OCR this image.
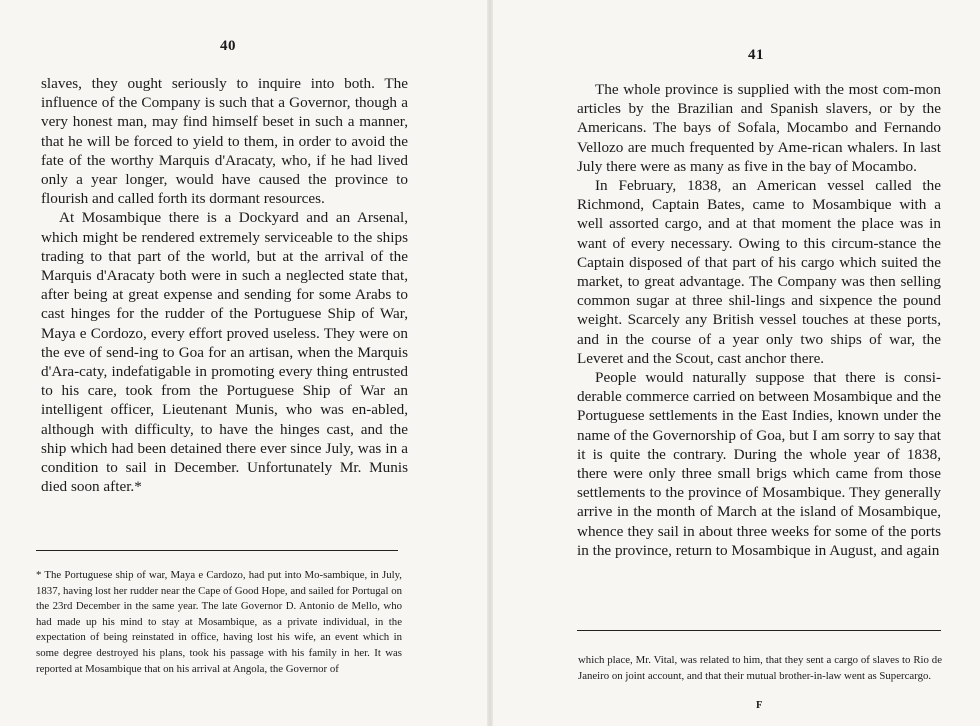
40

slaves, they ought seriously to inquire into both. The influence of the Company is such that a Governor, though a very honest man, may find himself beset in such a manner, that he will be forced to yield to them, in order to avoid the fate of the worthy Marquis d'Aracaty, who, if he had lived only a year longer, would have caused the province to flourish and called forth its dormant resources.

At Mosambique there is a Dockyard and an Arsenal, which might be rendered extremely serviceable to the ships trading to that part of the world, but at the arrival of the Marquis d'Aracaty both were in such a neglected state that, after being at great expense and sending for some Arabs to cast hinges for the rudder of the Portuguese Ship of War, Maya e Cordozo, every effort proved useless. They were on the eve of send-ing to Goa for an artisan, when the Marquis d'Ara-caty, indefatigable in promoting every thing entrusted to his care, took from the Portuguese Ship of War an intelligent officer, Lieutenant Munis, who was en-abled, although with difficulty, to have the hinges cast, and the ship which had been detained there ever since July, was in a condition to sail in December. Unfortunately Mr. Munis died soon after.*

* The Portuguese ship of war, Maya e Cardozo, had put into Mo-sambique, in July, 1837, having lost her rudder near the Cape of Good Hope, and sailed for Portugal on the 23rd December in the same year. The late Governor D. Antonio de Mello, who had made up his mind to stay at Mosambique, as a private individual, in the expectation of being reinstated in office, having lost his wife, an event which in some degree destroyed his plans, took his passage with his family in her. It was reported at Mosambique that on his arrival at Angola, the Governor of

41

The whole province is supplied with the most com-mon articles by the Brazilian and Spanish slavers, or by the Americans. The bays of Sofala, Mocambo and Fernando Vellozo are much frequented by Ame-rican whalers. In last July there were as many as five in the bay of Mocambo.

In February, 1838, an American vessel called the Richmond, Captain Bates, came to Mosambique with a well assorted cargo, and at that moment the place was in want of every necessary. Owing to this circum-stance the Captain disposed of that part of his cargo which suited the market, to great advantage. The Company was then selling common sugar at three shil-lings and sixpence the pound weight. Scarcely any British vessel touches at these ports, and in the course of a year only two ships of war, the Leveret and the Scout, cast anchor there.

People would naturally suppose that there is consi-derable commerce carried on between Mosambique and the Portuguese settlements in the East Indies, known under the name of the Governorship of Goa, but I am sorry to say that it is quite the contrary. During the whole year of 1838, there were only three small brigs which came from those settlements to the province of Mosambique. They generally arrive in the month of March at the island of Mosambique, whence they sail in about three weeks for some of the ports in the province, return to Mosambique in August, and again

which place, Mr. Vital, was related to him, that they sent a cargo of slaves to Rio de Janeiro on joint account, and that their mutual brother-in-law went as Supercargo.

F
